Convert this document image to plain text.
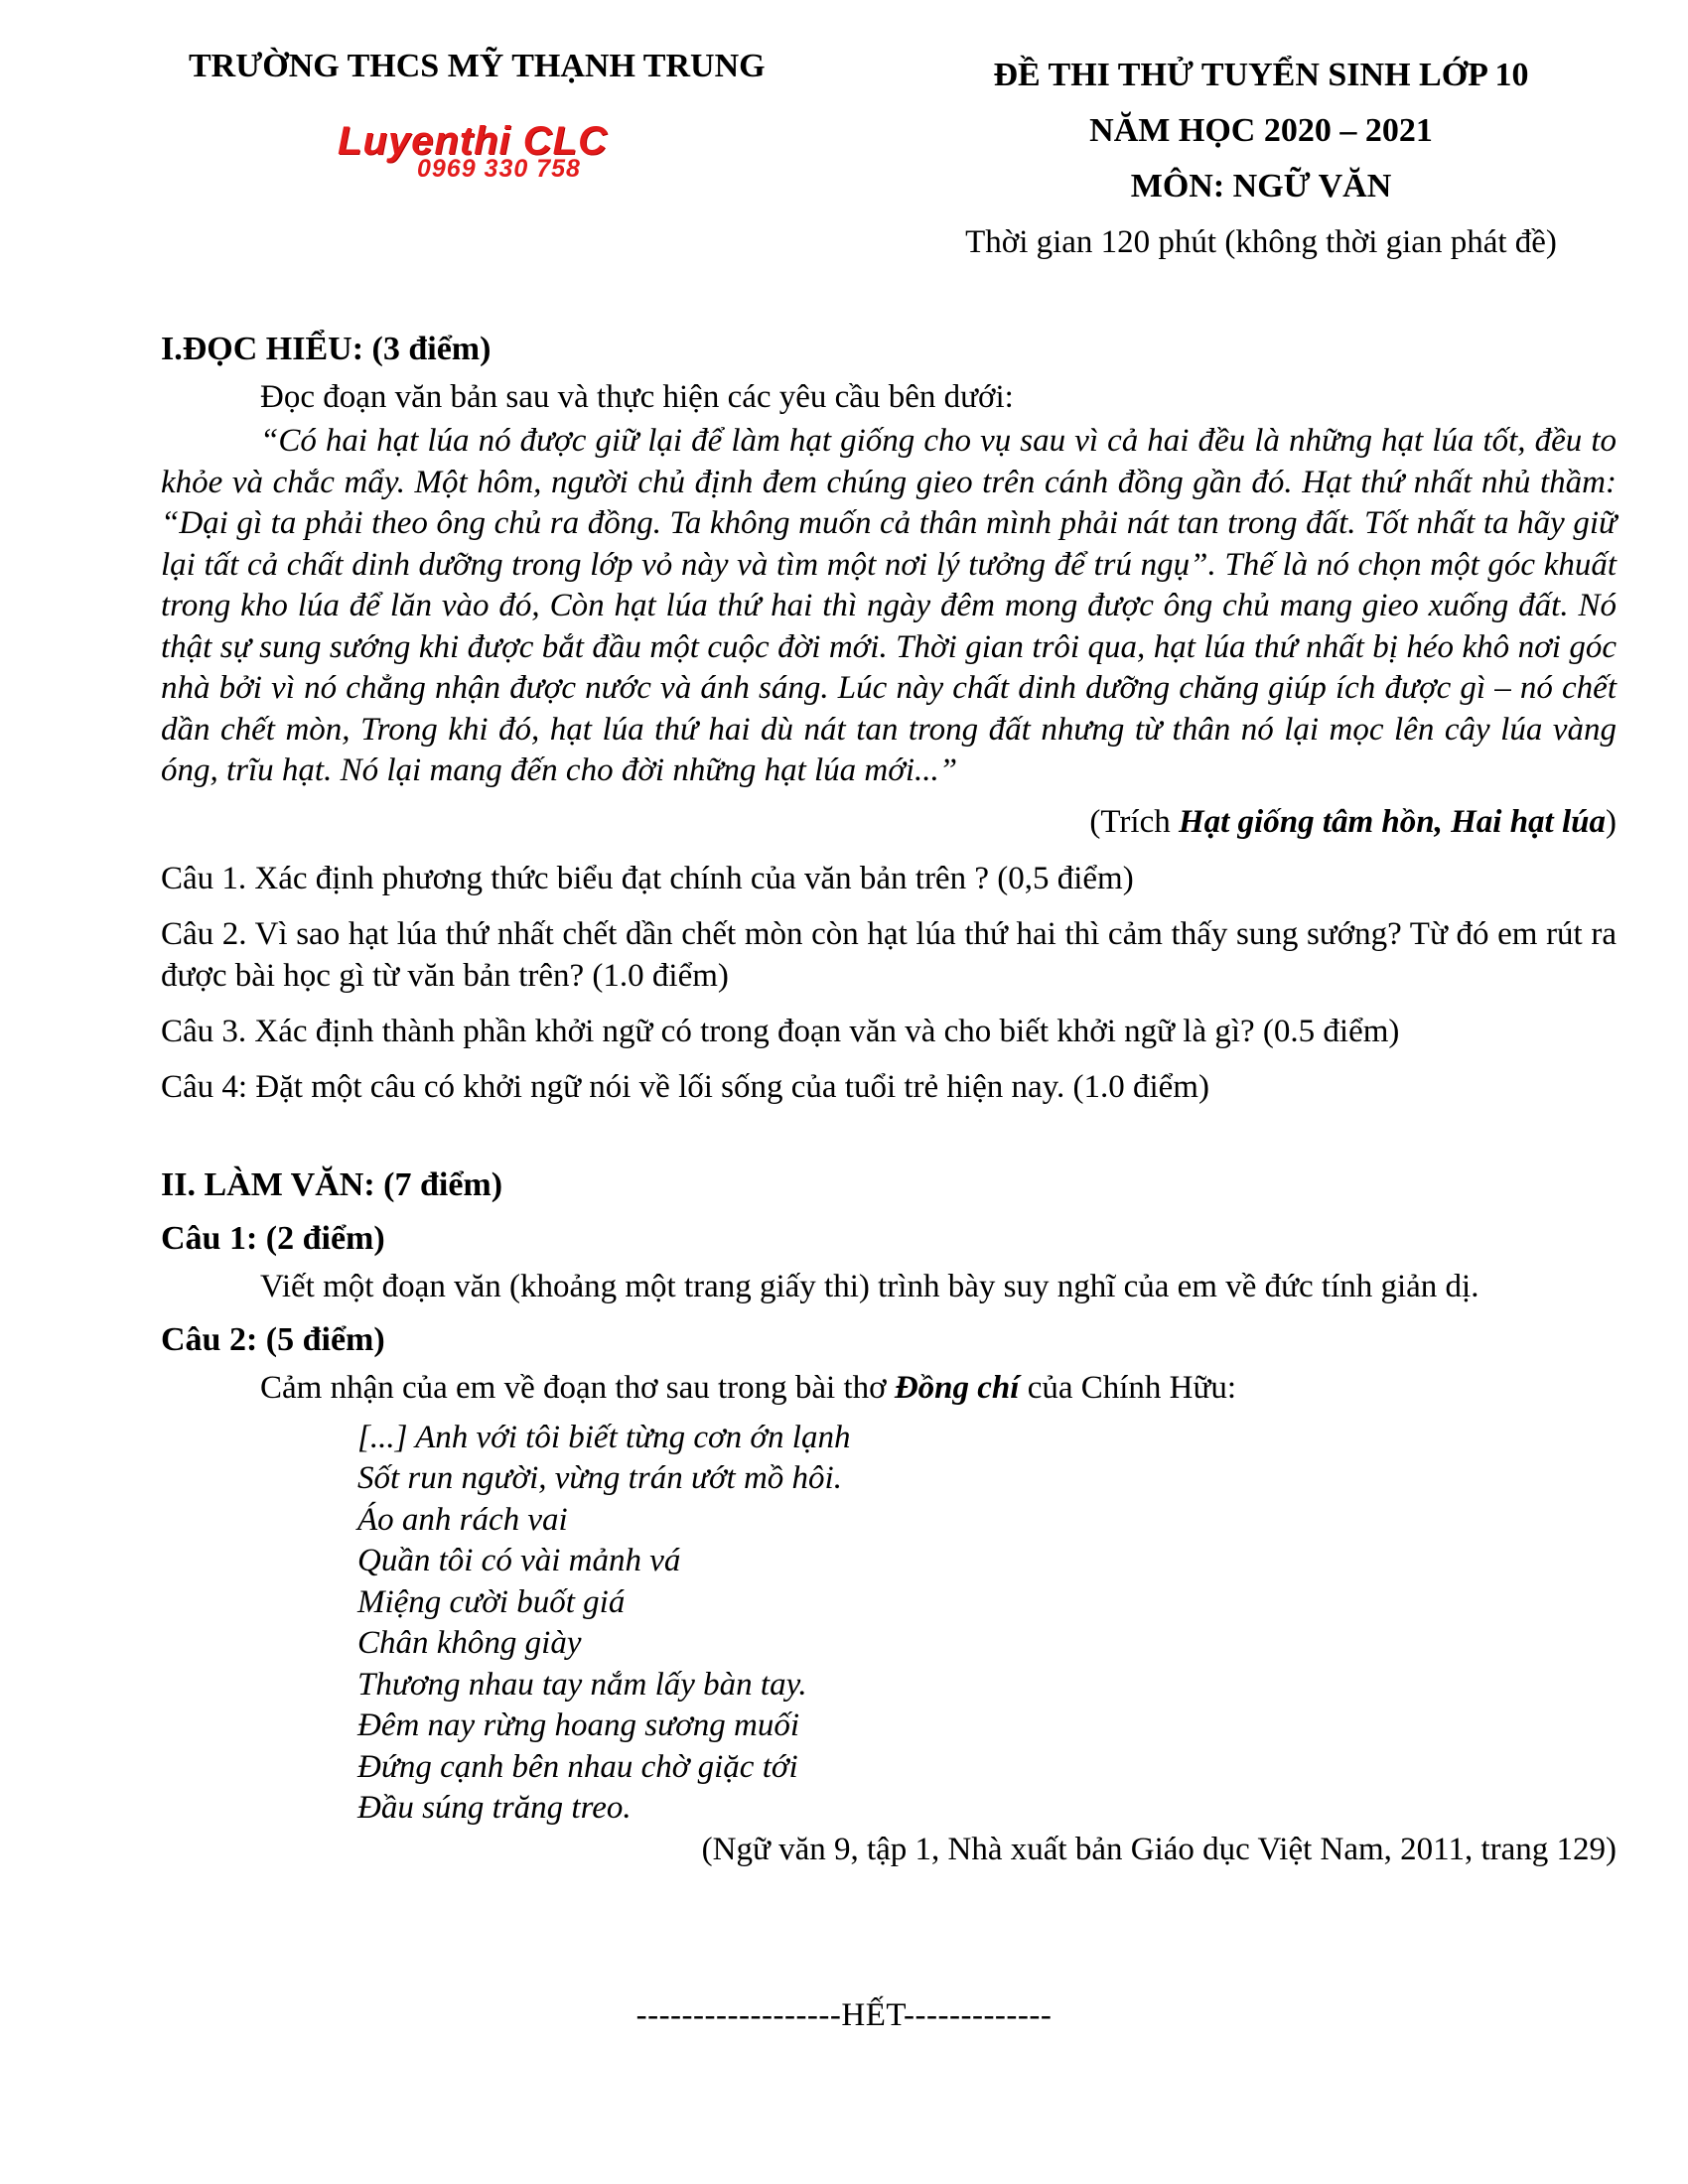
TRƯỜNG THCS MỸ THẠNH TRUNG
Luyenthi CLC
0969 330 758
ĐỀ THI THỬ TUYỂN SINH LỚP 10
NĂM HỌC 2020 – 2021
MÔN: NGỮ VĂN
Thời gian 120 phút (không thời gian phát đề)
I.ĐỌC HIỂU: (3 điểm)

Đọc đoạn văn bản sau và thực hiện các yêu cầu bên dưới:

“Có hai hạt lúa nó được giữ lại để làm hạt giống cho vụ sau vì cả hai đều là những hạt lúa tốt, đều to khỏe và chắc mẩy. Một hôm, người chủ định đem chúng gieo trên cánh đồng gần đó. Hạt thứ nhất nhủ thầm: “Dại gì ta phải theo ông chủ ra đồng. Ta không muốn cả thân mình phải nát tan trong đất. Tốt nhất ta hãy giữ lại tất cả chất dinh dưỡng trong lớp vỏ này và tìm một nơi lý tưởng để trú ngụ”. Thế là nó chọn một góc khuất trong kho lúa để lăn vào đó, Còn hạt lúa thứ hai thì ngày đêm mong được ông chủ mang gieo xuống đất. Nó thật sự sung sướng khi được bắt đầu một cuộc đời mới. Thời gian trôi qua, hạt lúa thứ nhất bị héo khô nơi góc nhà bởi vì nó chẳng nhận được nước và ánh sáng. Lúc này chất dinh dưỡng chăng giúp ích được gì – nó chết dần chết mòn, Trong khi đó, hạt lúa thứ hai dù nát tan trong đất nhưng từ thân nó lại mọc lên cây lúa vàng óng, trĩu hạt. Nó lại mang đến cho đời những hạt lúa mới...”

(Trích Hạt giống tâm hồn, Hai hạt lúa)
Câu 1. Xác định phương thức biểu đạt chính của văn bản trên ? (0,5 điểm)
Câu 2. Vì sao hạt lúa thứ nhất chết dần chết mòn còn hạt lúa thứ hai thì cảm thấy sung sướng? Từ đó em rút ra được bài học gì từ văn bản trên? (1.0 điểm)
Câu 3. Xác định thành phần khởi ngữ có trong đoạn văn và cho biết khởi ngữ là gì? (0.5 điểm)
Câu 4: Đặt một câu có khởi ngữ nói về lối sống của tuổi trẻ hiện nay. (1.0 điểm)
II. LÀM VĂN: (7 điểm)
Câu 1: (2 điểm)

Viết một đoạn văn (khoảng một trang giấy thi) trình bày suy nghĩ của em về đức tính giản dị.

Câu 2: (5 điểm)

Cảm nhận của em về đoạn thơ sau trong bài thơ Đồng chí của Chính Hữu:

[...] Anh với tôi biết từng cơn ớn lạnh
Sốt run người, vừng trán ướt mồ hôi.
Áo anh rách vai
Quần tôi có vài mảnh vá
Miệng cười buốt giá
Chân không giày
Thương nhau tay nắm lấy bàn tay.
Đêm nay rừng hoang sương muối
Đứng cạnh bên nhau chờ giặc tới
Đầu súng trăng treo.
(Ngữ văn 9, tập 1, Nhà xuất bản Giáo dục Việt Nam, 2011, trang 129)
------------------HẾT-------------
